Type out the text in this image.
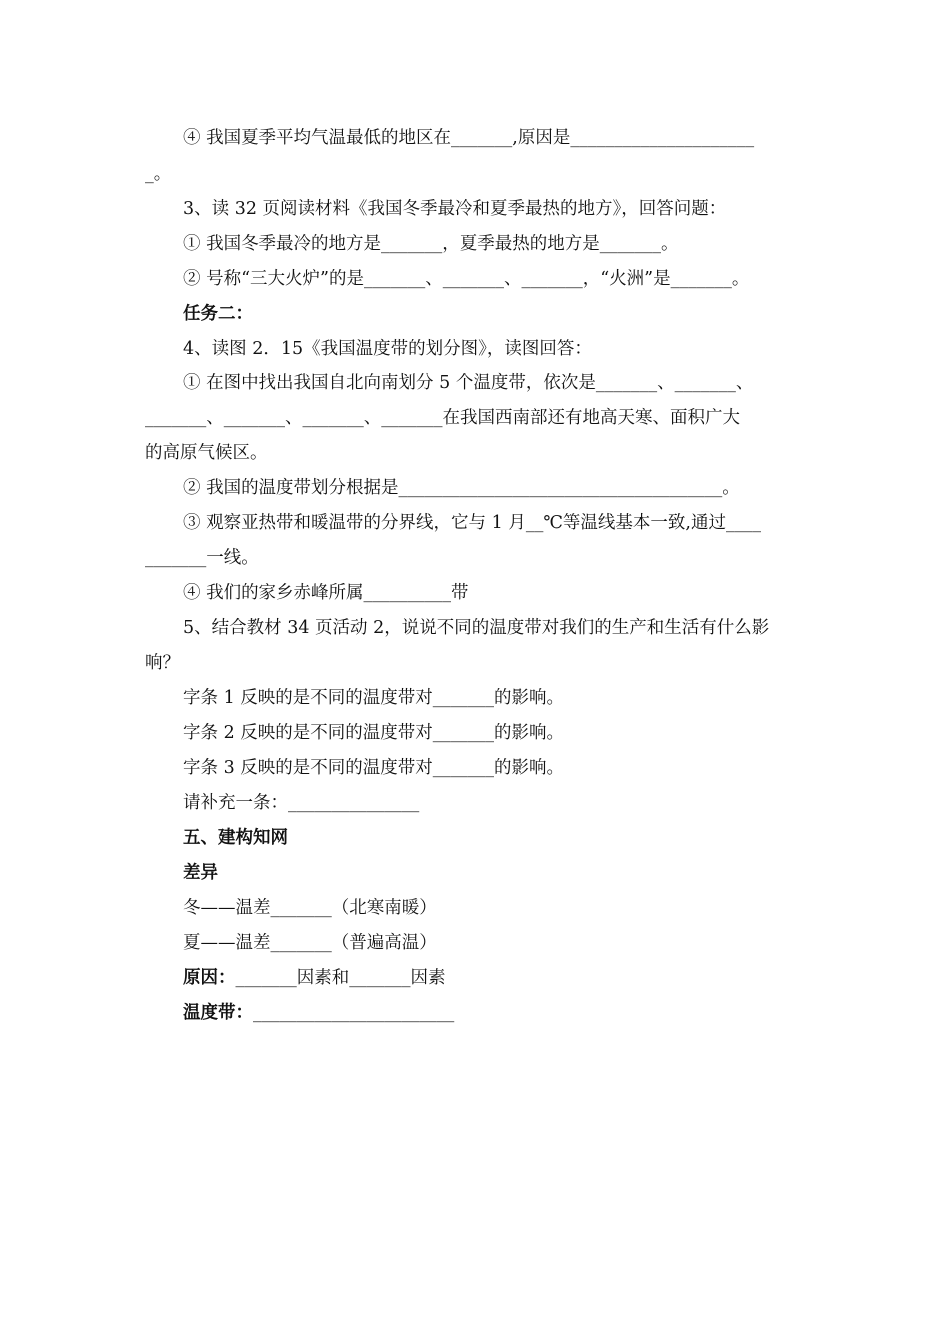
④ 我国夏季平均气温最低的地区在_______,原因是_____________________
_。
3、读 32 页阅读材料《我国冬季最冷和夏季最热的地方》，回答问题：
① 我国冬季最冷的地方是_______，夏季最热的地方是_______。
② 号称“三大火炉”的是_______、_______、_______，“火洲”是_______。
任务二：
4、读图 2．15《我国温度带的划分图》，读图回答：
① 在图中找出我国自北向南划分 5 个温度带，依次是_______、_______、
_______、_______、_______、_______在我国西南部还有地高天寒、面积广大
的高原气候区。
② 我国的温度带划分根据是_____________________________________。
③ 观察亚热带和暖温带的分界线，它与 1 月__℃等温线基本一致,通过____
_______一线。
④ 我们的家乡赤峰所属__________带
5、结合教材 34 页活动 2，说说不同的温度带对我们的生产和生活有什么影
响？
字条 1 反映的是不同的温度带对_______的影响。
字条 2 反映的是不同的温度带对_______的影响。
字条 3 反映的是不同的温度带对_______的影响。
请补充一条：_______________
五、建构知网
差异
冬——温差_______（北寒南暖）
夏——温差_______（普遍高温）
原因：_______因素和_______因素
温度带：_______________________
